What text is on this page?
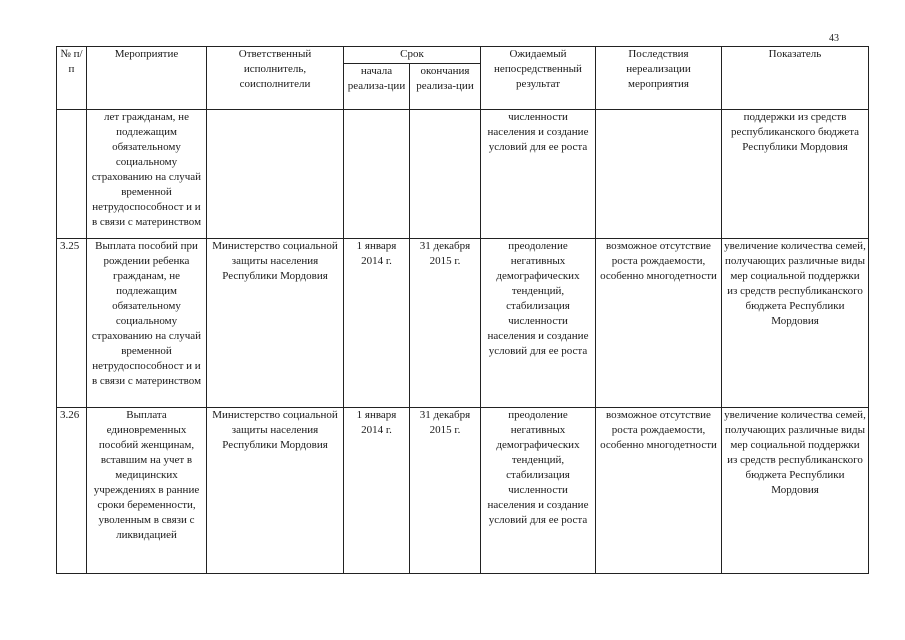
43
№ п/п	Мероприятие	Ответственный исполнитель, соисполнители	Срок		Ожидаемый непосредственный результат	Последствия нереализации мероприятия	Показатель
			начала реализа-ции	окончания реализа-ции			
	лет гражданам, не подлежащим обязательному социальному страхованию на случай временной нетрудоспособност и и в связи с материнством				численности населения и создание условий для ее роста		поддержки из средств республиканского бюджета Республики Мордовия
3.25	Выплата пособий при рождении ребенка гражданам, не подлежащим обязательному социальному страхованию на случай временной нетрудоспособност и и в связи с материнством	Министерство социальной защиты населения Республики Мордовия	1 января 2014 г.	31 декабря 2015 г.	преодоление негативных демографических тенденций, стабилизация численности населения и создание условий для ее роста	возможное отсутствие роста рождаемости, особенно многодетности	увеличение количества семей, получающих различные виды мер социальной поддержки из средств республиканского бюджета Республики Мордовия
3.26	Выплата единовременных пособий женщинам, вставшим на учет в медицинских учреждениях в ранние сроки беременности, уволенным в связи с ликвидацией	Министерство социальной защиты населения Республики Мордовия	1 января 2014 г.	31 декабря 2015 г.	преодоление негативных демографических тенденций, стабилизация численности населения и создание условий для ее роста	возможное отсутствие роста рождаемости, особенно многодетности	увеличение количества семей, получающих различные виды мер социальной поддержки из средств республиканского бюджета Республики Мордовия
